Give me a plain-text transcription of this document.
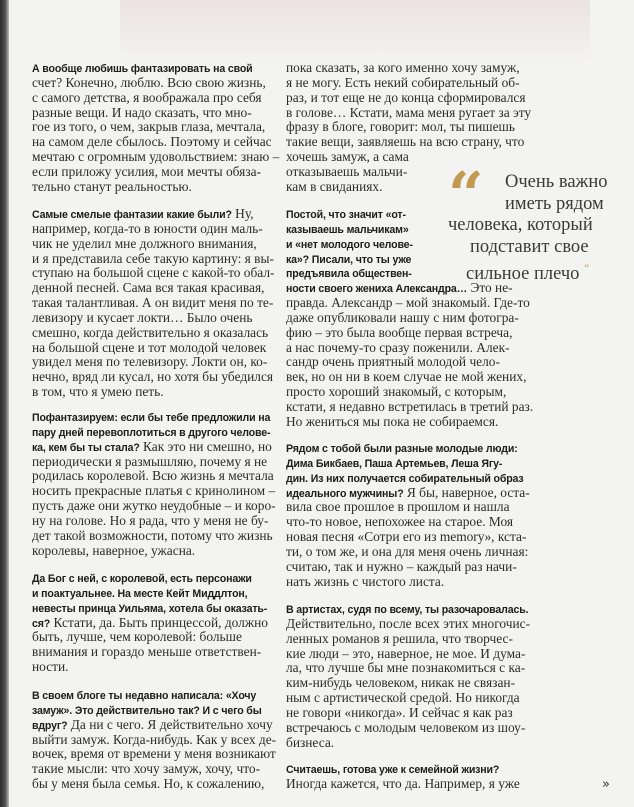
А вообще любишь фантазировать на свой
счет? Конечно, люблю. Всю свою жизнь,
с самого детства, я воображала про себя
разные вещи. И надо сказать, что мно-
гое из того, о чем, закрыв глаза, мечтала,
на самом деле сбылось. Поэтому и сейчас
мечтаю с огромным удовольствием: знаю –
если приложу усилия, мои мечты обяза-
тельно станут реальностью.
Самые смелые фантазии какие были? Ну,
например, когда-то в юности один маль-
чик не уделил мне должного внимания,
и я представила себе такую картину: я вы-
ступаю на большой сцене с какой-то обал-
денной песней. Сама вся такая красивая,
такая талантливая. А он видит меня по те-
левизору и кусает локти… Было очень
смешно, когда действительно я оказалась
на большой сцене и тот молодой человек
увидел меня по телевизору. Локти он, ко-
нечно, вряд ли кусал, но хотя бы убедился
в том, что я умею петь.
Пофантазируем: если бы тебе предложили на
пару дней перевоплотиться в другого челове-
ка, кем бы ты стала? Как это ни смешно, но
периодически я размышляю, почему я не
родилась королевой. Всю жизнь я мечтала
носить прекрасные платья с кринолином –
пусть даже они жутко неудобные – и коро-
ну на голове. Но я рада, что у меня не бу-
дет такой возможности, потому что жизнь
королевы, наверное, ужасна.
Да Бог с ней, с королевой, есть персонажи
и поактуальнее. На месте Кейт Миддлтон,
невесты принца Уильяма, хотела бы оказать-
ся? Кстати, да. Быть принцессой, должно
быть, лучше, чем королевой: больше
внимания и гораздо меньше ответствен-
ности.
В своем блоге ты недавно написала: «Хочу
замуж». Это действительно так? И с чего бы
вдруг? Да ни с чего. Я действительно хочу
выйти замуж. Когда-нибудь. Как у всех де-
вочек, время от времени у меня возникают
такие мысли: что хочу замуж, хочу, что-
бы у меня была семья. Но, к сожалению,
пока сказать, за кого именно хочу замуж,
я не могу. Есть некий собирательный об-
раз, и тот еще не до конца сформировался
в голове… Кстати, мама меня ругает за эту
фразу в блоге, говорит: мол, ты пишешь
такие вещи, заявляешь на всю страну, что
хочешь замуж, а сама
отказываешь мальчи-
кам в свиданиях.
Постой, что значит «от-
казываешь мальчикам»
и «нет молодого челове-
ка»? Писали, что ты уже
предъявила обществен-
ности своего жениха Александра… Это не-
правда. Александр – мой знакомый. Где-то
даже опубликовали нашу с ним фотогра-
фию – это была вообще первая встреча,
а нас почему-то сразу поженили. Алек-
сандр очень приятный молодой чело-
век, но он ни в коем случае не мой жених,
просто хороший знакомый, с которым,
кстати, я недавно встретилась в третий раз.
Но жениться мы пока не собираемся.
Рядом с тобой были разные молодые люди:
Дима Бикбаев, Паша Артемьев, Леша Ягу-
дин. Из них получается собирательный образ
идеального мужчины? Я бы, наверное, оста-
вила свое прошлое в прошлом и нашла
что-то новое, непохожее на старое. Моя
новая песня «Сотри его из memory», кста-
ти, о том же, и она для меня очень личная:
считаю, так и нужно – каждый раз начи-
нать жизнь с чистого листа.
В артистах, судя по всему, ты разочаровалась.
Действительно, после всех этих многочис-
ленных романов я решила, что творчес-
кие люди – это, наверное, не мое. И дума-
ла, что лучше бы мне познакомиться с ка-
ким-нибудь человеком, никак не связан-
ным с артистической средой. Но никогда
не говори «никогда». И сейчас я как раз
встречаюсь с молодым человеком из шоу-
бизнеса.
Считаешь, готова уже к семейной жизни?
Иногда кажется, что да. Например, я уже
“	Очень важно
иметь рядом
человека, который
подставит свое
сильное плечо “
»
